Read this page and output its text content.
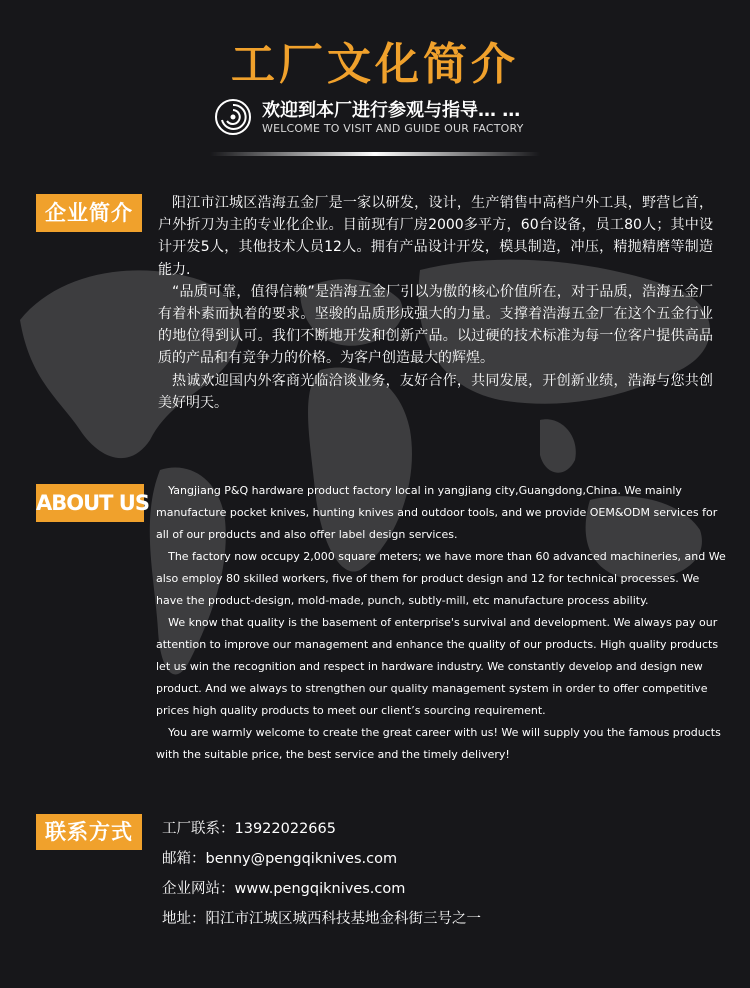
工厂文化简介
欢迎到本厂进行参观与指导… …
WELCOME TO VISIT AND GUIDE OUR FACTORY
企业简介	阳江市江城区浩海五金厂是一家以研发，设计，生产销售中高档户外工具，野营匕首，户外折刀为主的专业化企业。目前现有厂房2000多平方，60台设备，员工80人；其中设计开发5人，其他技术人员12人。拥有产品设计开发，模具制造，冲压，精抛精磨等制造能力.

“品质可靠，值得信赖”是浩海五金厂引以为傲的核心价值所在，对于品质，浩海五金厂有着朴素而执着的要求。坚骏的品质形成强大的力量。支撑着浩海五金厂在这个五金行业的地位得到认可。我们不断地开发和创新产品。以过硬的技术标准为每一位客户提供高品质的产品和有竞争力的价格。为客户创造最大的辉煌。

热诚欢迎国内外客商光临洽谈业务，友好合作，共同发展，开创新业绩，浩海与您共创美好明天。

ABOUT US

Yangjiang P&Q hardware product factory local in yangjiang city,Guangdong,China. We mainly manufacture pocket knives, hunting knives and outdoor tools, and we provide OEM&ODM services for all of our products and also offer label design services.

The factory now occupy 2,000 square meters; we have more than 60 advanced machineries, and We also employ 80 skilled workers, five of them for product design and 12 for technical processes. We have the product-design, mold-made, punch, subtly-mill, etc manufacture process ability.

We know that quality is the basement of enterprise's survival and development. We always pay our attention to improve our management and enhance the quality of our products. High quality products let us win the recognition and respect in hardware industry. We constantly develop and design new product. And we always to strengthen our quality management system in order to offer competitive prices high quality products to meet our client’s sourcing requirement.

You are warmly welcome to create the great career with us! We will supply you the famous products with the suitable price, the best service and the timely delivery!

联系方式	工厂联系：13922022665
邮箱：benny@pengqiknives.com
企业网站：www.pengqiknives.com
地址：阳江市江城区城西科技基地金科街三号之一
